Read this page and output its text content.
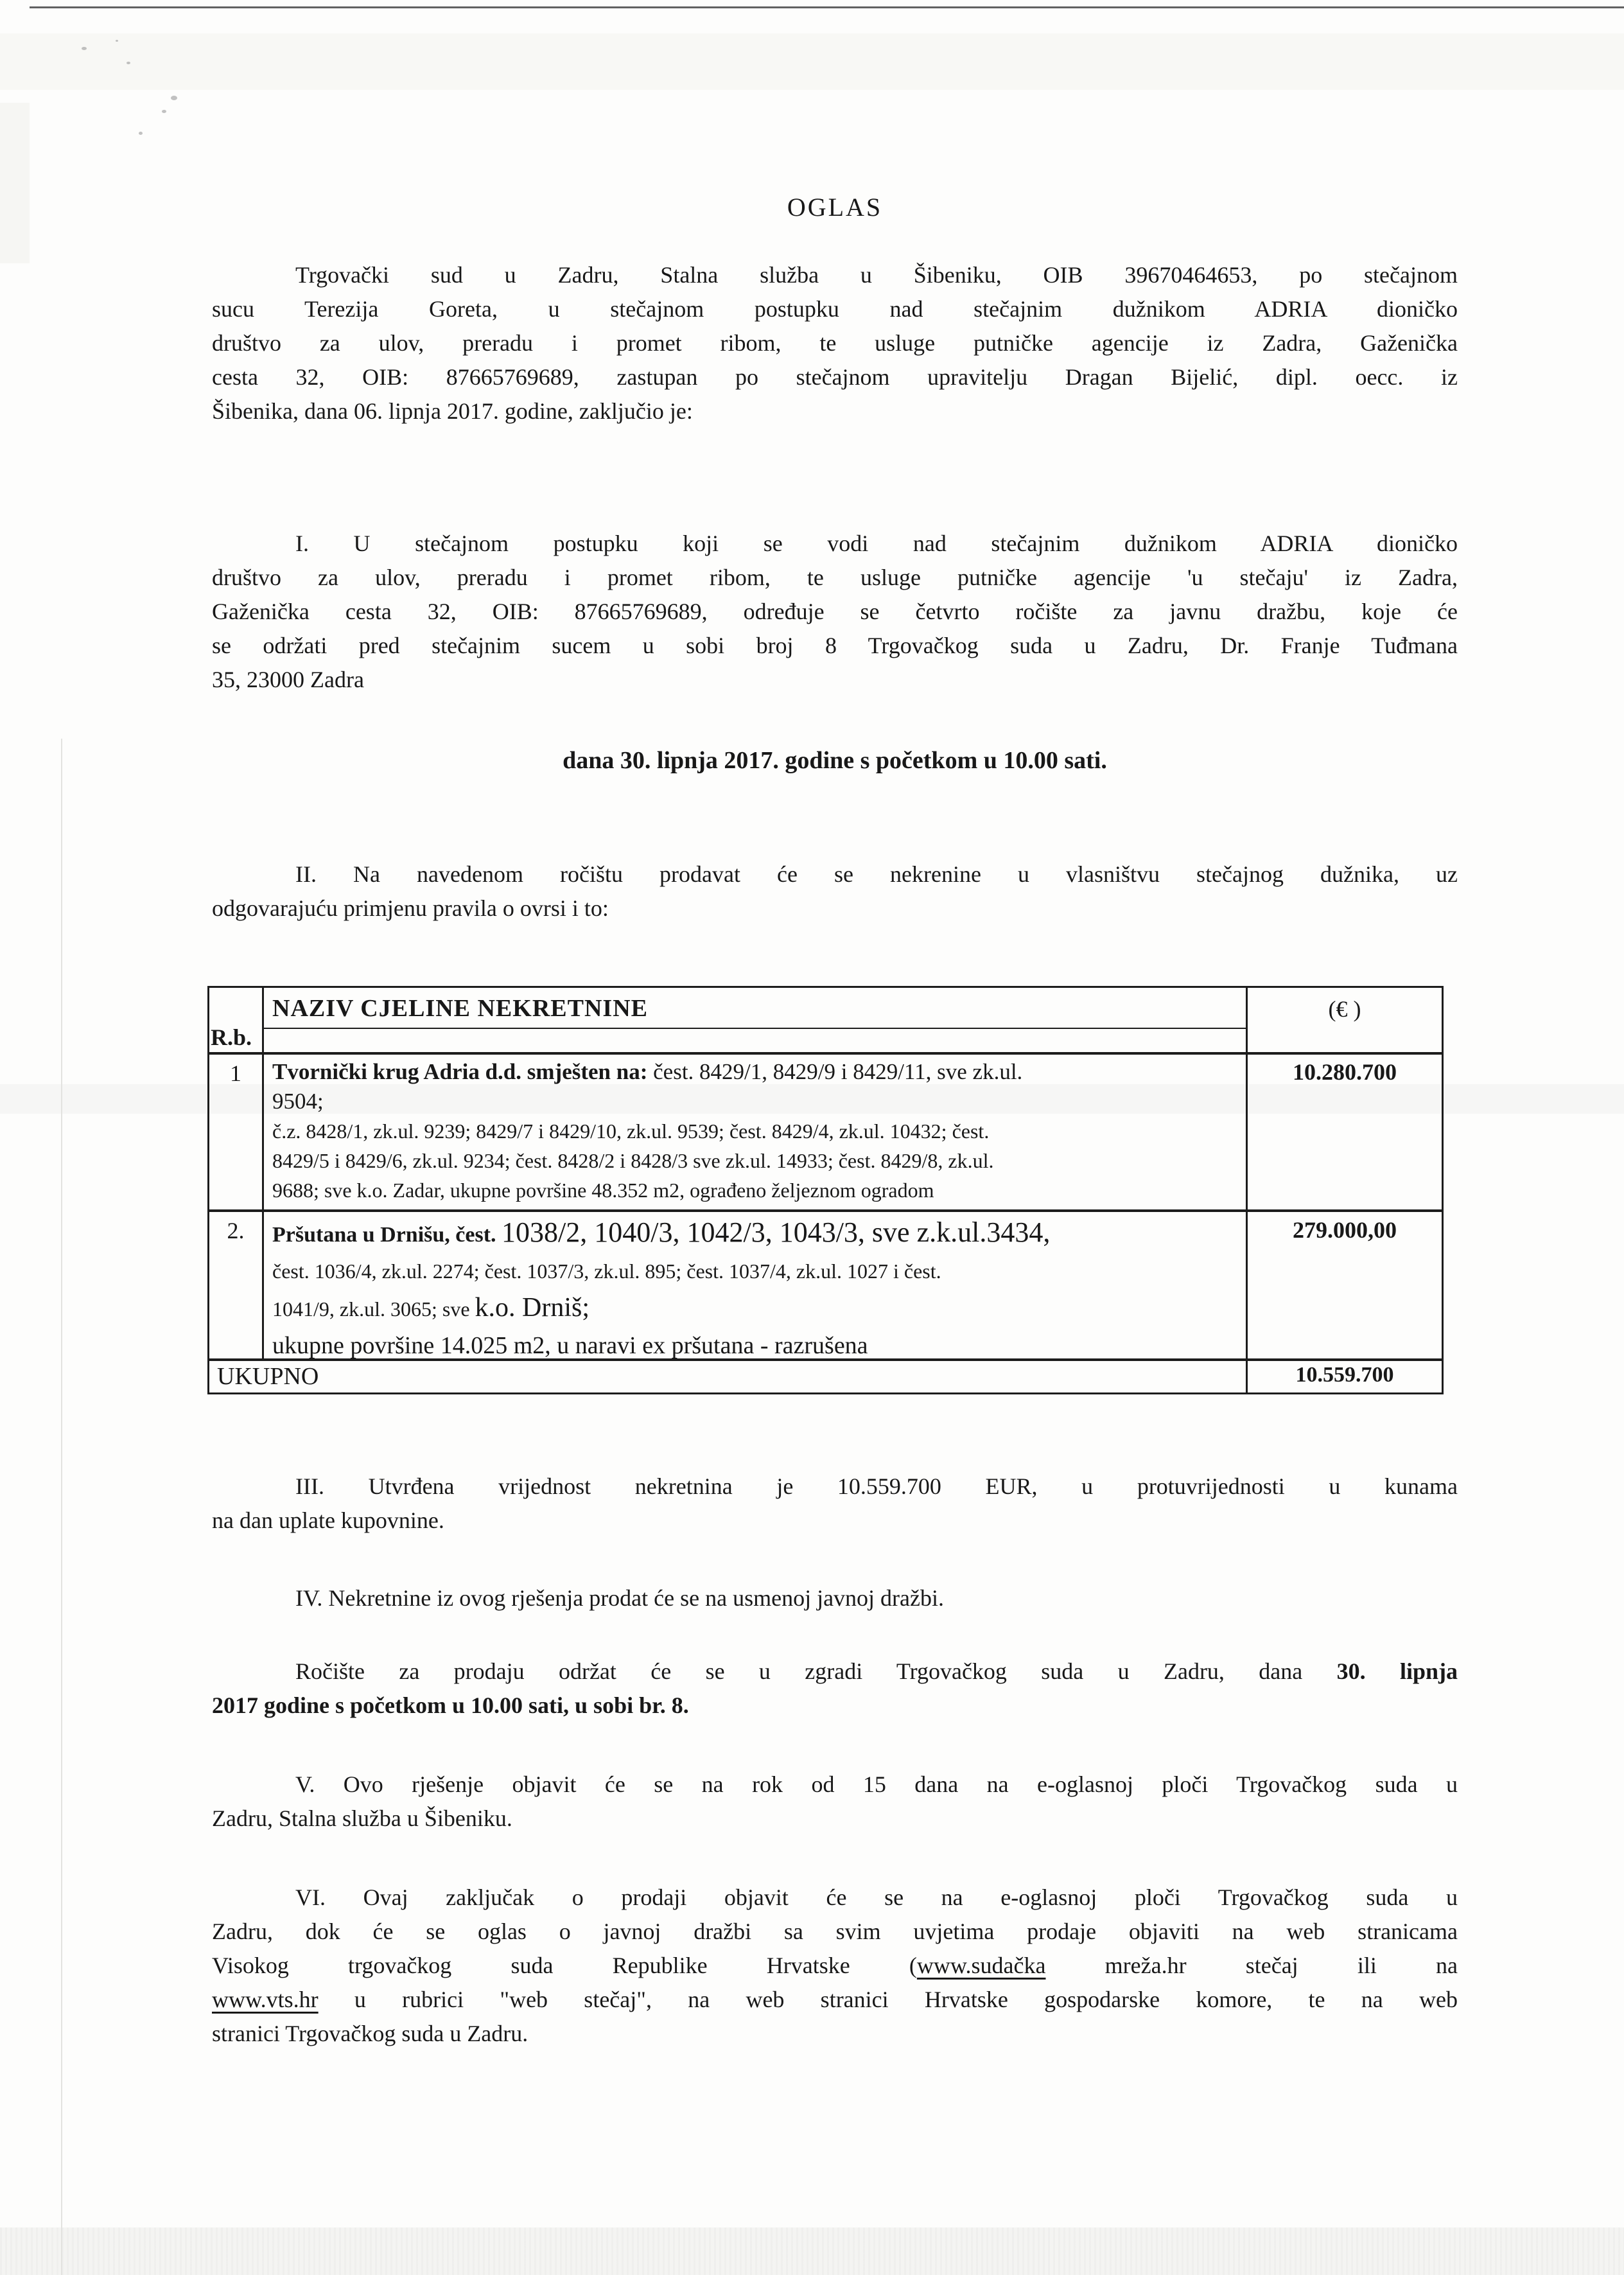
OGLAS
Trgovački sud u Zadru, Stalna služba u Šibeniku, OIB 39670464653, po stečajnom
sucu Terezija Goreta, u stečajnom postupku nad stečajnim dužnikom ADRIA dioničko
društvo za ulov, preradu i promet ribom, te usluge putničke agencije iz Zadra, Gaženička
cesta 32, OIB: 87665769689, zastupan po stečajnom upravitelju Dragan Bijelić, dipl. oecc. iz
Šibenika, dana 06. lipnja 2017. godine, zaključio je:
I. U stečajnom postupku koji se vodi nad stečajnim dužnikom ADRIA dioničko
društvo za ulov, preradu i promet ribom, te usluge putničke agencije 'u stečaju' iz Zadra,
Gaženička cesta 32, OIB: 87665769689, određuje se četvrto ročište za javnu dražbu, koje će
se održati pred stečajnim sucem u sobi broj 8 Trgovačkog suda u Zadru, Dr. Franje Tuđmana
35, 23000 Zadra
dana 30. lipnja 2017. godine s početkom u 10.00 sati.
II. Na navedenom ročištu prodavat će se nekrenine u vlasništvu stečajnog dužnika, uz
odgovarajuću primjenu pravila o ovrsi i to:
R.b.
NAZIV CJELINE NEKRETNINE	(€ )
1	Tvornički krug Adria d.d. smješten na: čest. 8429/1, 8429/9 i 8429/11, sve zk.ul.
9504;
č.z. 8428/1, zk.ul. 9239; 8429/7 i 8429/10, zk.ul. 9539; čest. 8429/4, zk.ul. 10432; čest.
8429/5 i 8429/6, zk.ul. 9234; čest. 8428/2 i 8428/3 sve zk.ul. 14933; čest. 8429/8, zk.ul.
9688; sve k.o. Zadar, ukupne površine 48.352 m2, ograđeno željeznom ogradom
10.280.700
2.	Pršutana u Drnišu, čest. 1038/2, 1040/3, 1042/3, 1043/3, sve z.k.ul.3434,
čest. 1036/4, zk.ul. 2274; čest. 1037/3, zk.ul. 895; čest. 1037/4, zk.ul. 1027 i čest.
1041/9, zk.ul. 3065; sve k.o. Drniš;
ukupne površine 14.025 m2, u naravi ex pršutana - razrušena
279.000,00
UKUPNO	10.559.700
III. Utvrđena vrijednost nekretnina je 10.559.700 EUR, u protuvrijednosti u kunama
na dan uplate kupovnine.
IV. Nekretnine iz ovog rješenja prodat će se na usmenoj javnoj dražbi.
Ročište za prodaju održat će se u zgradi Trgovačkog suda u Zadru, dana 30. lipnja
2017 godine s početkom u 10.00 sati, u sobi br. 8.
V. Ovo rješenje objavit će se na rok od 15 dana na e-oglasnoj ploči Trgovačkog suda u
Zadru, Stalna služba u Šibeniku.
VI. Ovaj zaključak o prodaji objavit će se na e-oglasnoj ploči Trgovačkog suda u
Zadru, dok će se oglas o javnoj dražbi sa svim uvjetima prodaje objaviti na web stranicama
Visokog trgovačkog suda Republike Hrvatske (www.sudačka mreža.hr stečaj ili na
www.vts.hr u rubrici "web stečaj", na web stranici Hrvatske gospodarske komore, te na web
stranici Trgovačkog suda u Zadru.
